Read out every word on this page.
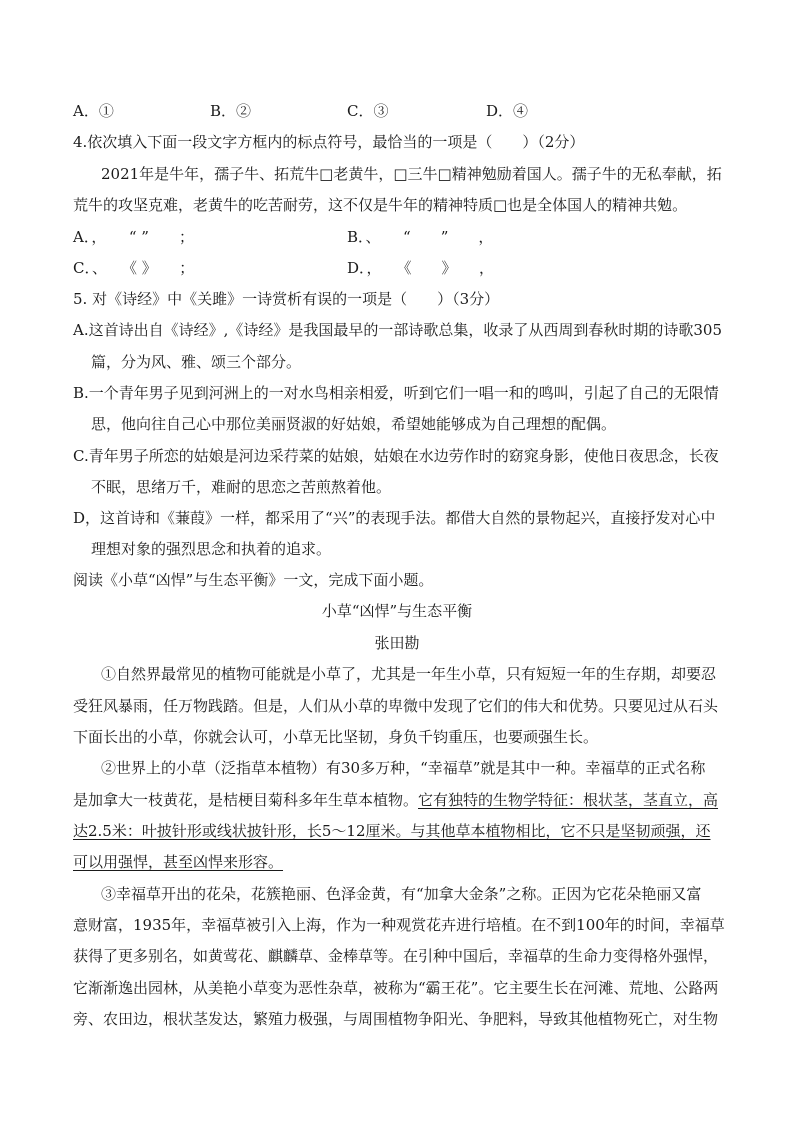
A．①	B．②	C．③	D．④
4.依次填入下面一段文字方框内的标点符号，最恰当的一项是（　　）（2分）
2021年是牛年，孺子牛、拓荒牛□老黄牛，□三牛□精神勉励着国人。孺子牛的无私奉献，拓
荒牛的攻坚克难，老黄牛的吃苦耐劳，这不仅是牛年的精神特质□也是全体国人的精神共勉。
A．，　　“ ”　　；	B．、　　“　　”　　，
C．、　　《 》　　；	D．，　　《　　》　　，
5. 对《诗经》中《关雎》一诗赏析有误的一项是（　　）（3分）
A.这首诗出自《诗经》,《诗经》是我国最早的一部诗歌总集，收录了从西周到春秋时期的诗歌305
篇，分为风、雅、颂三个部分。
B.一个青年男子见到河洲上的一对水鸟相亲相爱，听到它们一唱一和的鸣叫，引起了自己的无限情
思，他向往自己心中那位美丽贤淑的好姑娘，希望她能够成为自己理想的配偶。
C.青年男子所恋的姑娘是河边采荇菜的姑娘，姑娘在水边劳作时的窈窕身影，使他日夜思念，长夜
不眠，思绪万千，难耐的思恋之苦煎熬着他。
D，这首诗和《蒹葭》一样，都采用了“兴”的表现手法。都借大自然的景物起兴，直接抒发对心中
理想对象的强烈思念和执着的追求。
阅读《小草“凶悍”与生态平衡》一文，完成下面小题。
小草“凶悍”与生态平衡
张田勘
①自然界最常见的植物可能就是小草了，尤其是一年生小草，只有短短一年的生存期，却要忍
受狂风暴雨，任万物践踏。但是，人们从小草的卑微中发现了它们的伟大和优势。只要见过从石头
下面长出的小草，你就会认可，小草无比坚韧，身负千钧重压，也要顽强生长。
②世界上的小草（泛指草本植物）有30多万种，“幸福草”就是其中一种。幸福草的正式名称
是加拿大一枝黄花，是桔梗目菊科多年生草本植物。它有独特的生物学特征：根状茎，茎直立，高
达2.5米：叶披针形或线状披针形，长5～12厘米。与其他草本植物相比，它不只是坚韧顽强，还
可以用强悍，甚至凶悍来形容。
③幸福草开出的花朵，花簇艳丽、色泽金黄，有“加拿大金条”之称。正因为它花朵艳丽又富
意财富，1935年，幸福草被引入上海，作为一种观赏花卉进行培植。在不到100年的时间，幸福草
获得了更多别名，如黄莺花、麒麟草、金棒草等。在引种中国后，幸福草的生命力变得格外强悍，
它渐渐逸出园林，从美艳小草变为恶性杂草，被称为“霸王花”。它主要生长在河滩、荒地、公路两
旁、农田边，根状茎发达，繁殖力极强，与周围植物争阳光、争肥料，导致其他植物死亡，对生物
